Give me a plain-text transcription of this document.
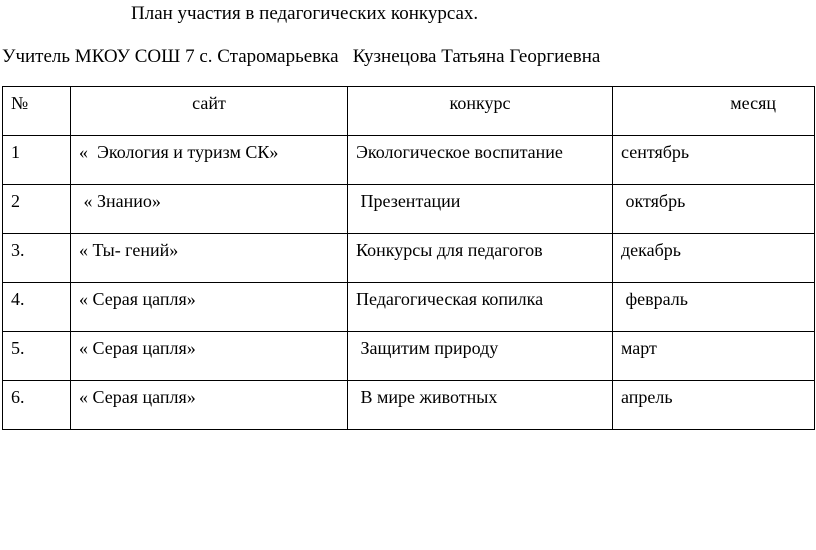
План участия в педагогических конкурсах.
Учитель МКОУ СОШ 7 с. Старомарьевка   Кузнецова Татьяна Георгиевна
№	сайт	конкурс	месяц
1	«  Экология и туризм СК»	Экологическое воспитание	сентябрь
2	« Знанио»	Презентации	октябрь
3.	« Ты- гений»	Конкурсы для педагогов	декабрь
4.	« Серая цапля»	Педагогическая копилка	февраль
5.	« Серая цапля»	Защитим природу	март
6.	« Серая цапля»	В мире животных	апрель
